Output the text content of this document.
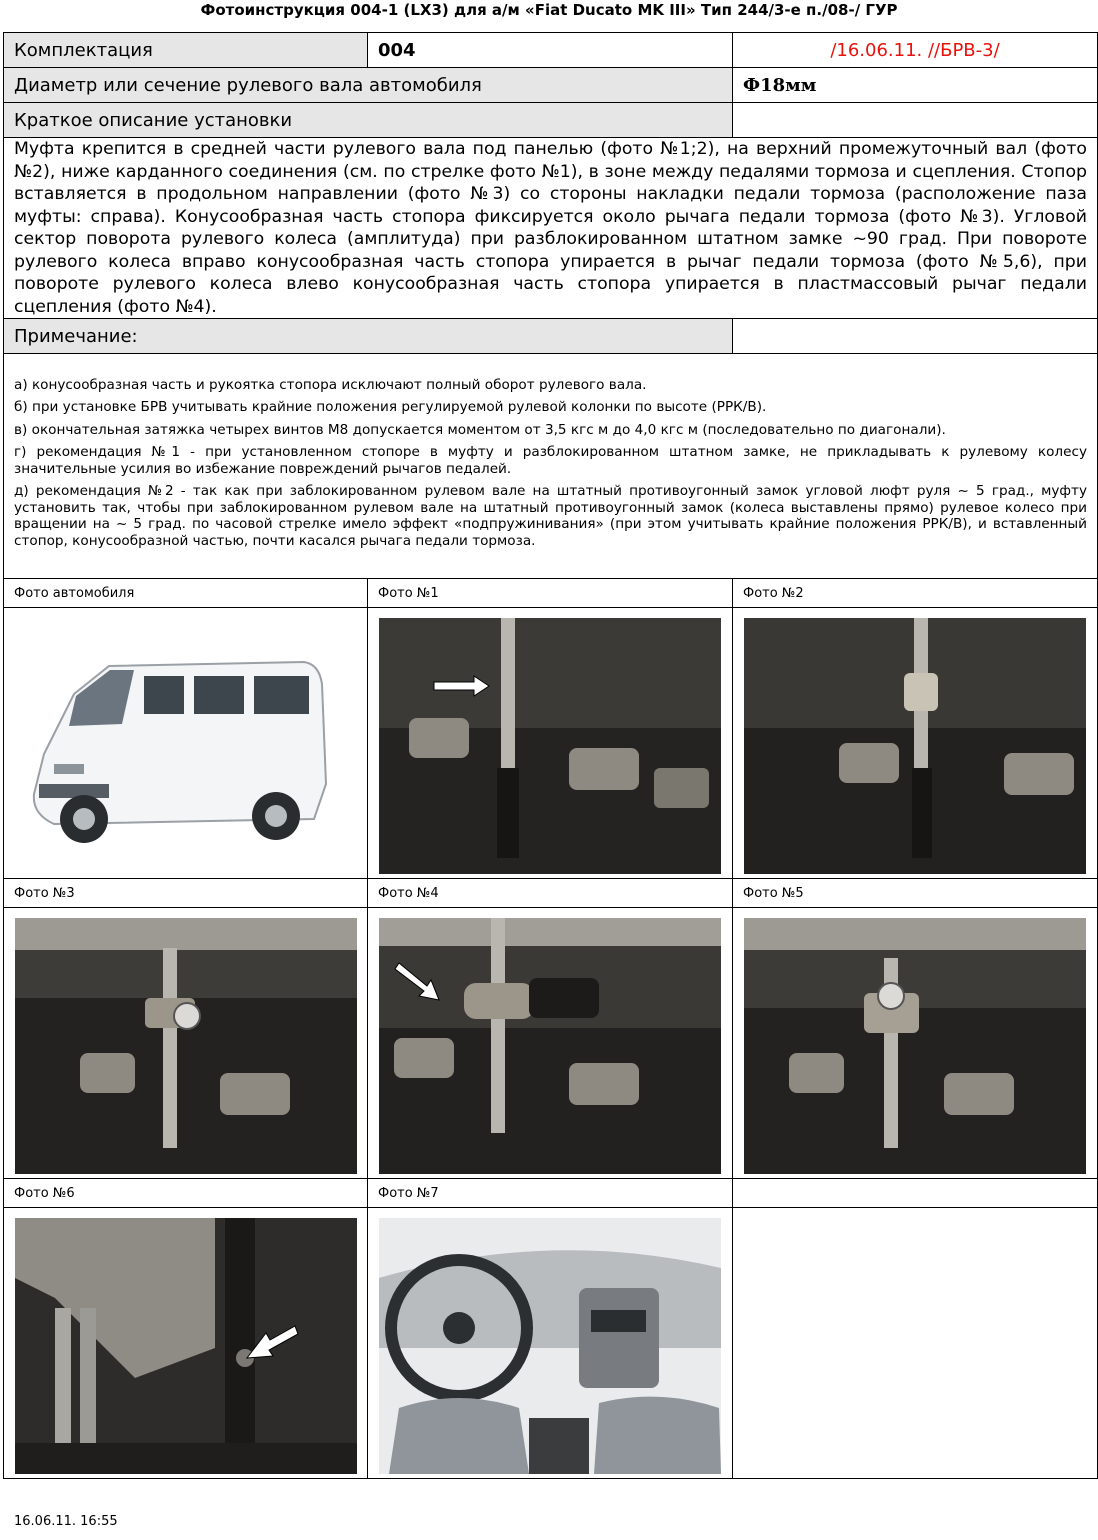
Фотоинструкция 004-1 (LX3) для а/м «Fiat Ducato MK III» Тип 244/3-е п./08-/ ГУР
Комплектация	004	/16.06.11. //БРВ-3/
Диаметр или сечение рулевого вала автомобиля		Ф18мм
Краткое описание установки		
Муфта крепится в средней части рулевого вала под панелью (фото №1;2), на верхний промежуточный вал (фото №2), ниже карданного соединения (см. по стрелке фото №1), в зоне между педалями тормоза и сцепления. Стопор вставляется в продольном направлении (фото №3) со стороны накладки педали тормоза (расположение паза муфты: справа). Конусообразная часть стопора фиксируется около рычага педали тормоза (фото №3). Угловой сектор поворота рулевого колеса (амплитуда) при разблокированном штатном замке ~90 град. При повороте рулевого колеса вправо конусообразная часть стопора упирается в рычаг педали тормоза (фото №5,6), при повороте рулевого колеса влево конусообразная часть стопора упирается в пластмассовый рычаг педали сцепления (фото №4).		
Примечание:		

а) конусообразная часть и рукоятка стопора исключают полный оборот рулевого вала.

б) при установке БРВ учитывать крайние положения регулируемой рулевой колонки по высоте (РРК/В).

в) окончательная затяжка четырех винтов М8 допускается моментом от 3,5 кгс м до 4,0 кгс м (последовательно по диагонали).

г) рекомендация №1 - при установленном стопоре в муфту и разблокированном штатном замке, не прикладывать к рулевому колесу значительные усилия во избежание повреждений рычагов педалей.

д) рекомендация №2 - так как при заблокированном рулевом вале на штатный противоугонный замок угловой люфт руля ~ 5 град., муфту установить так, чтобы при заблокированном рулевом вале на штатный противоугонный замок (колеса выставлены прямо) рулевое колесо при вращении на ~ 5 град. по часовой стрелке имело эффект «подпружинивания» (при этом учитывать крайние положения РРК/В), и вставленный стопор, конусообразной частью, почти касался рычага педали тормоза.		

Фото автомобиля	Фото №1	Фото №2

Фото №3	Фото №4	Фото №5

Фото №6	Фото №7	

16.06.11. 16:55
